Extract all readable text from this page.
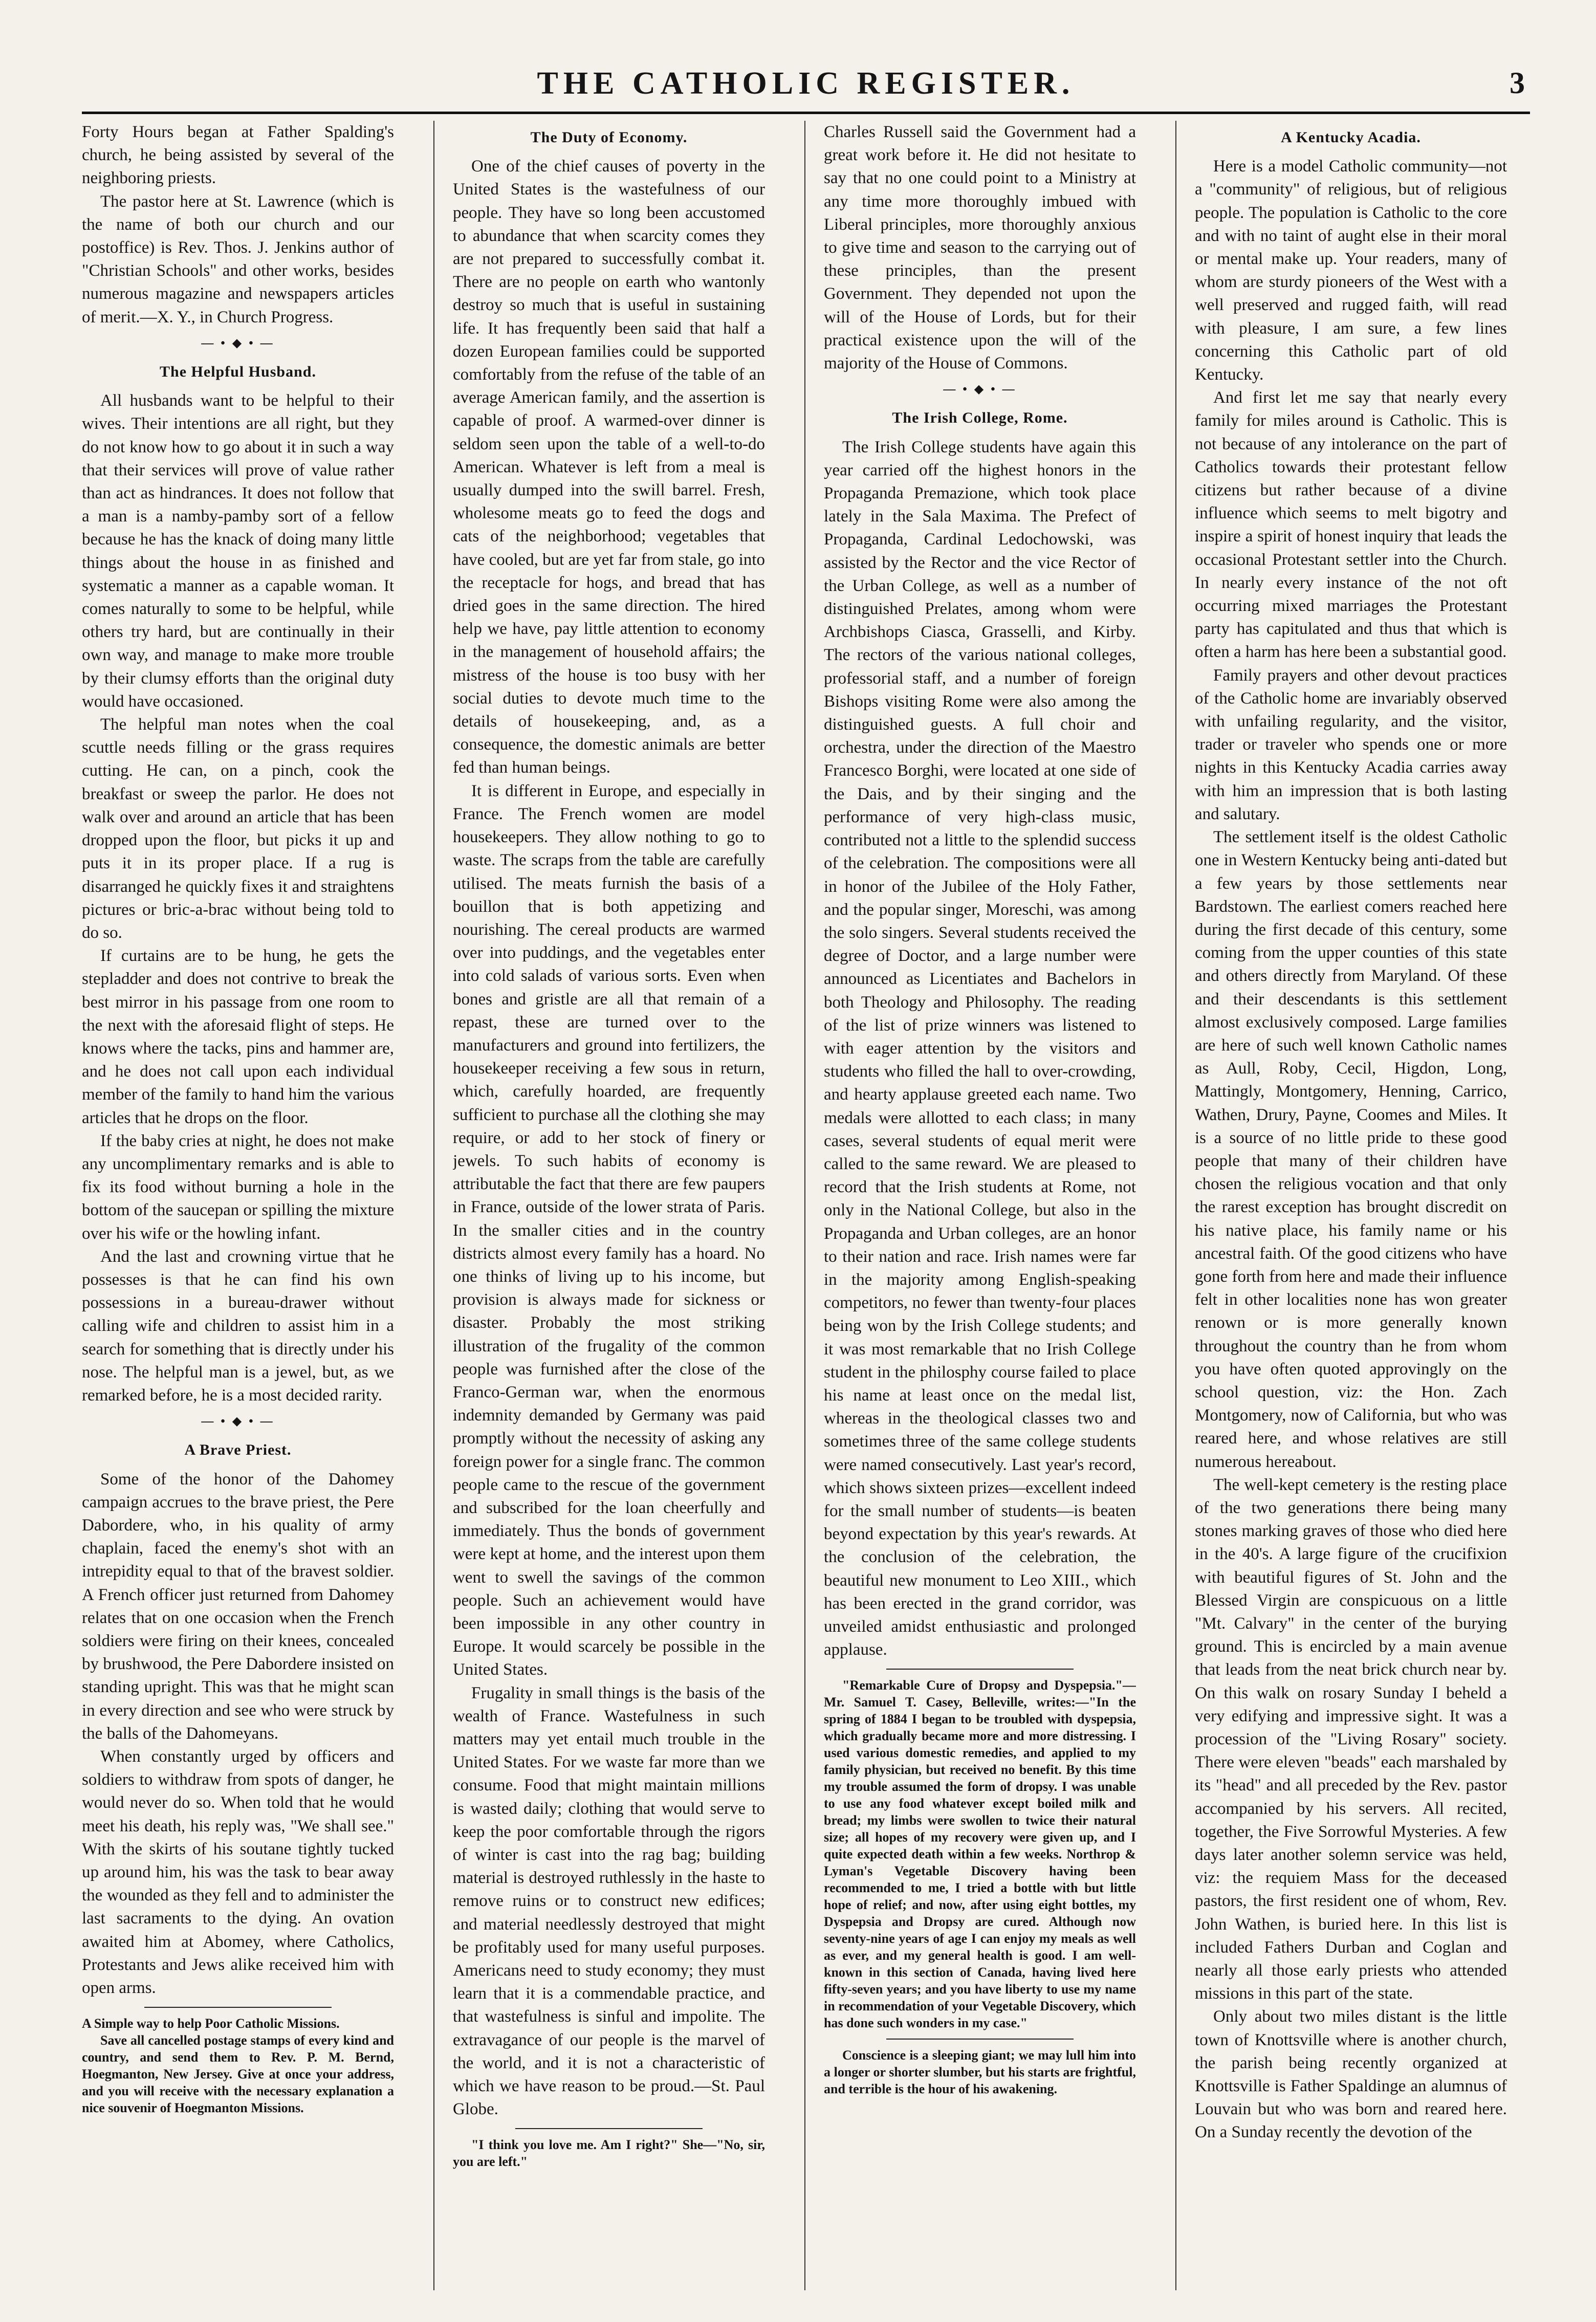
THE CATHOLIC REGISTER.	3

Forty Hours began at Father Spalding's church, he being assisted by several of the neighboring priests.

The pastor here at St. Lawrence (which is the name of both our church and our postoffice) is Rev. Thos. J. Jenkins author of "Christian Schools" and other works, besides numerous magazine and newspapers articles of merit.—X. Y., in Church Progress.

— • ◆ • —
The Helpful Husband.

All husbands want to be helpful to their wives. Their intentions are all right, but they do not know how to go about it in such a way that their services will prove of value rather than act as hindrances. It does not follow that a man is a namby-pamby sort of a fellow because he has the knack of doing many little things about the house in as finished and systematic a manner as a capable woman. It comes naturally to some to be helpful, while others try hard, but are continually in their own way, and manage to make more trouble by their clumsy efforts than the original duty would have occasioned.

The helpful man notes when the coal scuttle needs filling or the grass requires cutting. He can, on a pinch, cook the breakfast or sweep the parlor. He does not walk over and around an article that has been dropped upon the floor, but picks it up and puts it in its proper place. If a rug is disarranged he quickly fixes it and straightens pictures or bric-a-brac without being told to do so.

If curtains are to be hung, he gets the stepladder and does not contrive to break the best mirror in his passage from one room to the next with the aforesaid flight of steps. He knows where the tacks, pins and hammer are, and he does not call upon each individual member of the family to hand him the various articles that he drops on the floor.

If the baby cries at night, he does not make any uncomplimentary remarks and is able to fix its food without burning a hole in the bottom of the saucepan or spilling the mixture over his wife or the howling infant.

And the last and crowning virtue that he possesses is that he can find his own possessions in a bureau-drawer without calling wife and children to assist him in a search for something that is directly under his nose. The helpful man is a jewel, but, as we remarked before, he is a most decided rarity.

— • ◆ • —
A Brave Priest.

Some of the honor of the Dahomey campaign accrues to the brave priest, the Pere Dabordere, who, in his quality of army chaplain, faced the enemy's shot with an intrepidity equal to that of the bravest soldier. A French officer just returned from Dahomey relates that on one occasion when the French soldiers were firing on their knees, concealed by brushwood, the Pere Dabordere insisted on standing upright. This was that he might scan in every direction and see who were struck by the balls of the Dahomeyans.

When constantly urged by officers and soldiers to withdraw from spots of danger, he would never do so. When told that he would meet his death, his reply was, "We shall see." With the skirts of his soutane tightly tucked up around him, his was the task to bear away the wounded as they fell and to administer the last sacraments to the dying. An ovation awaited him at Abomey, where Catholics, Protestants and Jews alike received him with open arms.

A Simple way to help Poor Catholic Missions.

Save all cancelled postage stamps of every kind and country, and send them to Rev. P. M. Bernd, Hoegmanton, New Jersey. Give at once your address, and you will receive with the necessary explanation a nice souvenir of Hoegmanton Missions.

The Duty of Economy.

One of the chief causes of poverty in the United States is the wastefulness of our people. They have so long been accustomed to abundance that when scarcity comes they are not prepared to successfully combat it. There are no people on earth who wantonly destroy so much that is useful in sustaining life. It has frequently been said that half a dozen European families could be supported comfortably from the refuse of the table of an average American family, and the assertion is capable of proof. A warmed-over dinner is seldom seen upon the table of a well-to-do American. Whatever is left from a meal is usually dumped into the swill barrel. Fresh, wholesome meats go to feed the dogs and cats of the neighborhood; vegetables that have cooled, but are yet far from stale, go into the receptacle for hogs, and bread that has dried goes in the same direction. The hired help we have, pay little attention to economy in the management of household affairs; the mistress of the house is too busy with her social duties to devote much time to the details of housekeeping, and, as a consequence, the domestic animals are better fed than human beings.

It is different in Europe, and especially in France. The French women are model housekeepers. They allow nothing to go to waste. The scraps from the table are carefully utilised. The meats furnish the basis of a bouillon that is both appetizing and nourishing. The cereal products are warmed over into puddings, and the vegetables enter into cold salads of various sorts. Even when bones and gristle are all that remain of a repast, these are turned over to the manufacturers and ground into fertilizers, the housekeeper receiving a few sous in return, which, carefully hoarded, are frequently sufficient to purchase all the clothing she may require, or add to her stock of finery or jewels. To such habits of economy is attributable the fact that there are few paupers in France, outside of the lower strata of Paris. In the smaller cities and in the country districts almost every family has a hoard. No one thinks of living up to his income, but provision is always made for sickness or disaster. Probably the most striking illustration of the frugality of the common people was furnished after the close of the Franco-German war, when the enormous indemnity demanded by Germany was paid promptly without the necessity of asking any foreign power for a single franc. The common people came to the rescue of the government and subscribed for the loan cheerfully and immediately. Thus the bonds of government were kept at home, and the interest upon them went to swell the savings of the common people. Such an achievement would have been impossible in any other country in Europe. It would scarcely be possible in the United States.

Frugality in small things is the basis of the wealth of France. Wastefulness in such matters may yet entail much trouble in the United States. For we waste far more than we consume. Food that might maintain millions is wasted daily; clothing that would serve to keep the poor comfortable through the rigors of winter is cast into the rag bag; building material is destroyed ruthlessly in the haste to remove ruins or to construct new edifices; and material needlessly destroyed that might be profitably used for many useful purposes. Americans need to study economy; they must learn that it is a commendable practice, and that wastefulness is sinful and impolite. The extravagance of our people is the marvel of the world, and it is not a characteristic of which we have reason to be proud.—St. Paul Globe.

"I think you love me. Am I right?" She—"No, sir, you are left."

Charles Russell said the Government had a great work before it. He did not hesitate to say that no one could point to a Ministry at any time more thoroughly imbued with Liberal principles, more thoroughly anxious to give time and season to the carrying out of these principles, than the present Government. They depended not upon the will of the House of Lords, but for their practical existence upon the will of the majority of the House of Commons.

— • ◆ • —
The Irish College, Rome.

The Irish College students have again this year carried off the highest honors in the Propaganda Premazione, which took place lately in the Sala Maxima. The Prefect of Propaganda, Cardinal Ledochowski, was assisted by the Rector and the vice Rector of the Urban College, as well as a number of distinguished Prelates, among whom were Archbishops Ciasca, Grasselli, and Kirby. The rectors of the various national colleges, professorial staff, and a number of foreign Bishops visiting Rome were also among the distinguished guests. A full choir and orchestra, under the direction of the Maestro Francesco Borghi, were located at one side of the Dais, and by their singing and the performance of very high-class music, contributed not a little to the splendid success of the celebration. The compositions were all in honor of the Jubilee of the Holy Father, and the popular singer, Moreschi, was among the solo singers. Several students received the degree of Doctor, and a large number were announced as Licentiates and Bachelors in both Theology and Philosophy. The reading of the list of prize winners was listened to with eager attention by the visitors and students who filled the hall to over-crowding, and hearty applause greeted each name. Two medals were allotted to each class; in many cases, several students of equal merit were called to the same reward. We are pleased to record that the Irish students at Rome, not only in the National College, but also in the Propaganda and Urban colleges, are an honor to their nation and race. Irish names were far in the majority among English-speaking competitors, no fewer than twenty-four places being won by the Irish College students; and it was most remarkable that no Irish College student in the philosphy course failed to place his name at least once on the medal list, whereas in the theological classes two and sometimes three of the same college students were named consecutively. Last year's record, which shows sixteen prizes—excellent indeed for the small number of students—is beaten beyond expectation by this year's rewards. At the conclusion of the celebration, the beautiful new monument to Leo XIII., which has been erected in the grand corridor, was unveiled amidst enthusiastic and prolonged applause.

"Remarkable Cure of Dropsy and Dyspepsia."—Mr. Samuel T. Casey, Belleville, writes:—"In the spring of 1884 I began to be troubled with dyspepsia, which gradually became more and more distressing. I used various domestic remedies, and applied to my family physician, but received no benefit. By this time my trouble assumed the form of dropsy. I was unable to use any food whatever except boiled milk and bread; my limbs were swollen to twice their natural size; all hopes of my recovery were given up, and I quite expected death within a few weeks. Northrop & Lyman's Vegetable Discovery having been recommended to me, I tried a bottle with but little hope of relief; and now, after using eight bottles, my Dyspepsia and Dropsy are cured. Although now seventy-nine years of age I can enjoy my meals as well as ever, and my general health is good. I am well-known in this section of Canada, having lived here fifty-seven years; and you have liberty to use my name in recommendation of your Vegetable Discovery, which has done such wonders in my case."

Conscience is a sleeping giant; we may lull him into a longer or shorter slumber, but his starts are frightful, and terrible is the hour of his awakening.

A Kentucky Acadia.

Here is a model Catholic community—not a "community" of religious, but of religious people. The population is Catholic to the core and with no taint of aught else in their moral or mental make up. Your readers, many of whom are sturdy pioneers of the West with a well preserved and rugged faith, will read with pleasure, I am sure, a few lines concerning this Catholic part of old Kentucky.

And first let me say that nearly every family for miles around is Catholic. This is not because of any intolerance on the part of Catholics towards their protestant fellow citizens but rather because of a divine influence which seems to melt bigotry and inspire a spirit of honest inquiry that leads the occasional Protestant settler into the Church. In nearly every instance of the not oft occurring mixed marriages the Protestant party has capitulated and thus that which is often a harm has here been a substantial good.

Family prayers and other devout practices of the Catholic home are invariably observed with unfailing regularity, and the visitor, trader or traveler who spends one or more nights in this Kentucky Acadia carries away with him an impression that is both lasting and salutary.

The settlement itself is the oldest Catholic one in Western Kentucky being anti-dated but a few years by those settlements near Bardstown. The earliest comers reached here during the first decade of this century, some coming from the upper counties of this state and others directly from Maryland. Of these and their descendants is this settlement almost exclusively composed. Large families are here of such well known Catholic names as Aull, Roby, Cecil, Higdon, Long, Mattingly, Montgomery, Henning, Carrico, Wathen, Drury, Payne, Coomes and Miles. It is a source of no little pride to these good people that many of their children have chosen the religious vocation and that only the rarest exception has brought discredit on his native place, his family name or his ancestral faith. Of the good citizens who have gone forth from here and made their influence felt in other localities none has won greater renown or is more generally known throughout the country than he from whom you have often quoted approvingly on the school question, viz: the Hon. Zach Montgomery, now of California, but who was reared here, and whose relatives are still numerous hereabout.

The well-kept cemetery is the resting place of the two generations there being many stones marking graves of those who died here in the 40's. A large figure of the crucifixion with beautiful figures of St. John and the Blessed Virgin are conspicuous on a little "Mt. Calvary" in the center of the burying ground. This is encircled by a main avenue that leads from the neat brick church near by. On this walk on rosary Sunday I beheld a very edifying and impressive sight. It was a procession of the "Living Rosary" society. There were eleven "beads" each marshaled by its "head" and all preceded by the Rev. pastor accompanied by his servers. All recited, together, the Five Sorrowful Mysteries. A few days later another solemn service was held, viz: the requiem Mass for the deceased pastors, the first resident one of whom, Rev. John Wathen, is buried here. In this list is included Fathers Durban and Coglan and nearly all those early priests who attended missions in this part of the state.

Only about two miles distant is the little town of Knottsville where is another church, the parish being recently organized at Knottsville is Father Spaldinge an alumnus of Louvain but who was born and reared here. On a Sunday recently the devotion of the
